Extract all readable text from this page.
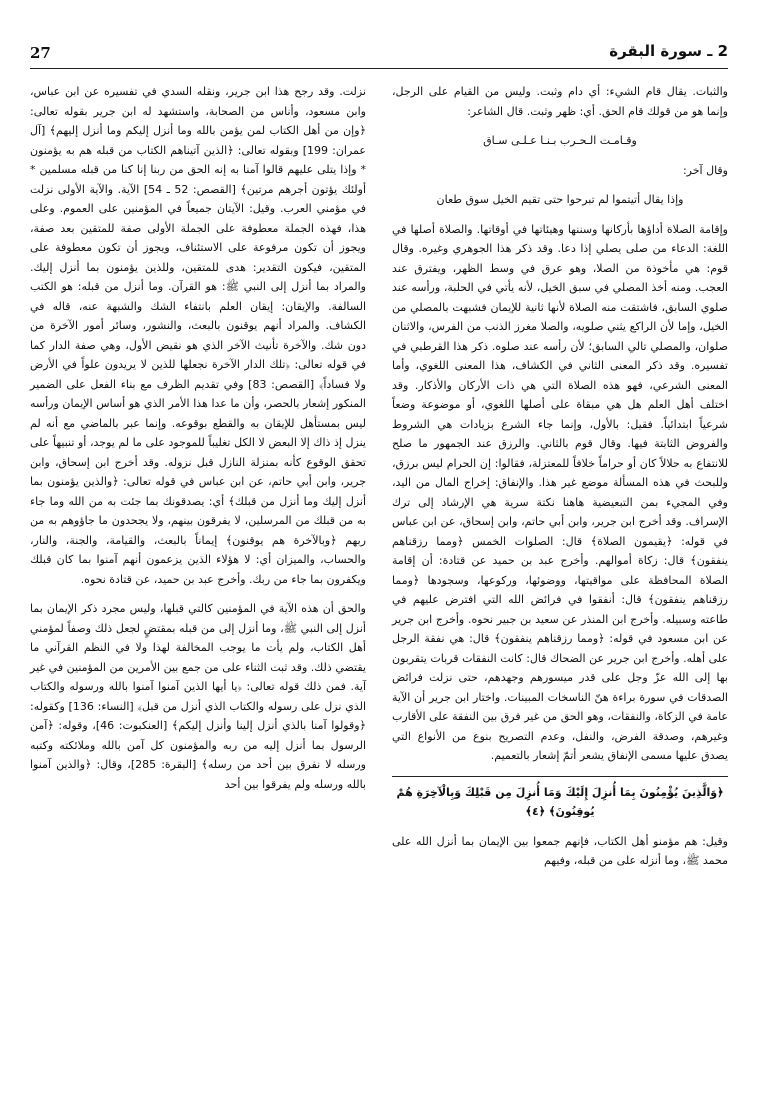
27	2 ـ سورة البقرة

والثبات. يقال قام الشيء: أي دام وثبت. وليس من القيام على الرجل، وإنما هو من قولك قام الحق. أي: ظهر وثبت. قال الشاعر:

وقـامـت الـحـرب بـنـا عـلـى سـاق

وقال آخر:

وإذا يقال أتيتموا لم تبرحوا حتى تقيم الخيل سوق طعان

وإقامة الصلاة أداؤها بأركانها وسننها وهيئاتها في أوقاتها. والصلاة أصلها في اللغة: الدعاء من صلى يصلي إذا دعا. وقد ذكر هذا الجوهري وغيره. وقال قوم: هي مأخوذة من الصلا، وهو عرق في وسط الظهر، ويفترق عند العجب. ومنه أخذ المصلي في سبق الخيل، لأنه يأتي في الحلبة، ورأسه عند صلوي السابق، فاشتقت منه الصلاة لأنها ثانية للإيمان فشبهت بالمصلي من الخيل، وإما لأن الراكع يثني صلويه، والصلا مغرز الذنب من الفرس، والاثنان صلوان، والمصلي تالي السابق؛ لأن رأسه عند صلوه. ذكر هذا القرطبي في تفسيره. وقد ذكر المعنى الثاني في الكشاف، هذا المعنى اللغوي، وأما المعنى الشرعي، فهو هذه الصلاة التي هي ذات الأركان والأذكار. وقد اختلف أهل العلم هل هي مبقاة على أصلها اللغوي، أو موضوعة وضعاً شرعياً ابتدائياً. فقيل: بالأول، وإنما جاء الشرع بزيادات هي الشروط والفروض الثابتة فيها. وقال قوم بالثاني. والرزق عند الجمهور ما صلح للانتفاع به حلالاً كان أو حراماً خلافاً للمعتزلة، فقالوا: إن الحرام ليس برزق، وللبحث في هذه المسألة موضع غير هذا. والإنفاق: إخراج المال من اليد، وفي المجيء بمن التبعيضية هاهنا نكتة سرية هي الإرشاد إلى ترك الإسراف. وقد أخرج ابن جرير، وابن أبي حاتم، وابن إسحاق، عن ابن عباس في قوله: ﴿يقيمون الصلاة﴾ قال: الصلوات الخمس ﴿ومما رزقناهم ينفقون﴾ قال: زكاة أموالهم. وأخرج عبد بن حميد عن قتادة: أن إقامة الصلاة المحافظة على مواقيتها، ووضوئها، وركوعها، وسجودها ﴿ومما رزقناهم ينفقون﴾ قال: أنفقوا في فرائض الله التي افترض عليهم في طاعته وسبيله. وأخرج ابن المنذر عن سعيد بن جبير نحوه. وأخرج ابن جرير عن ابن مسعود في قوله: ﴿ومما رزقناهم ينفقون﴾ قال: هي نفقة الرجل على أهله. وأخرج ابن جرير عن الضحاك قال: كانت النفقات قربات يتقربون بها إلى الله عزّ وجل على قدر ميسورهم وجهدهم، حتى نزلت فرائض الصدقات في سورة براءة هنّ الناسخات المبينات. واختار ابن جرير أن الآية عامة في الزكاة، والنفقات، وهو الحق من غير فرق بين النفقة على الأقارب وغيرهم، وصدقة الفرض، والنفل، وعدم التصريح بنوع من الأنواع التي يصدق عليها مسمى الإنفاق يشعر أتمّ إشعار بالتعميم.

﴿وَالَّذِينَ يُؤْمِنُونَ بِمَا أُنزِلَ إِلَيْكَ وَمَا أُنزِلَ مِن قَبْلِكَ وَبِالْآخِرَةِ هُمْ يُوقِنُونَ﴾ ﴿٤﴾

وقيل: هم مؤمنو أهل الكتاب، فإنهم جمعوا بين الإيمان بما أنزل الله على محمد ﷺ، وما أنزله على من قبله، وفيهم

نزلت. وقد رجح هذا ابن جرير، ونقله السدي في تفسيره عن ابن عباس، وابن مسعود، وأناس من الصحابة، واستشهد له ابن جرير بقوله تعالى: ﴿وإن من أهل الكتاب لمن يؤمن بالله وما أنزل إليكم وما أنزل إليهم﴾ [آل عمران: 199] وبقوله تعالى: ﴿الذين آتيناهم الكتاب من قبله هم به يؤمنون * وإذا يتلى عليهم قالوا آمنا به إنه الحق من ربنا إنا كنا من قبله مسلمين * أولئك يؤتون أجرهم مرتين﴾ [القصص: 52 ـ 54] الآية. والآية الأولى نزلت في مؤمني العرب. وقيل: الآيتان جميعاً في المؤمنين على العموم. وعلى هذا، فهذه الجملة معطوفة على الجملة الأولى صفة للمتقين بعد صفة، ويجوز أن تكون مرفوعة على الاستئناف، ويجوز أن تكون معطوفة على المتقين، فيكون التقدير: هدى للمتقين، وللذين يؤمنون بما أنزل إليك. والمراد بما أنزل إلى النبي ﷺ: هو القرآن. وما أنزل من قبله: هو الكتب السالفة. والإيقان: إيقان العلم بانتفاء الشك والشبهة عنه، قاله في الكشاف. والمراد أنهم يوقنون بالبعث، والنشور، وسائر أمور الآخرة من دون شك. والآخرة تأنيث الآخر الذي هو نقيض الأول، وهي صفة الدار كما في قوله تعالى: ﴿تلك الدار الآخرة نجعلها للذين لا يريدون علواً في الأرض ولا فساداً﴾ [القصص: 83] وفي تقديم الظرف مع بناء الفعل على الضمير المنكور إشعار بالحصر، وأن ما عدا هذا الأمر الذي هو أساس الإيمان ورأسه ليس بمستأهل للإيقان به والقطع بوقوعه. وإنما عبر بالماضي مع أنه لم ينزل إذ ذاك إلا البعض لا الكل تغليباً للموجود على ما لم يوجد، أو تنبيهاً على تحقق الوقوع كأنه بمنزلة النازل قبل نزوله. وقد أخرج ابن إسحاق، وابن جرير، وابن أبي حاتم، عن ابن عباس في قوله تعالى: ﴿والذين يؤمنون بما أنزل إليك وما أنزل من قبلك﴾ أي: يصدقونك بما جئت به من الله وما جاء به من قبلك من المرسلين، لا يفرقون بينهم، ولا يجحدون ما جاؤوهم به من ربهم ﴿وبالآخرة هم يوقنون﴾ إيماناً بالبعث، والقيامة، والجنة، والنار، والحساب، والميزان أي: لا هؤلاء الذين يزعمون أنهم آمنوا بما كان قبلك ويكفرون بما جاء من ربك. وأخرج عبد بن حميد، عن قتادة نحوه.

والحق أن هذه الآية في المؤمنين كالتي قبلها، وليس مجرد ذكر الإيمان بما أنزل إلى النبي ﷺ، وما أنزل إلى من قبله بمقتضٍ لجعل ذلك وصفاً لمؤمني أهل الكتاب، ولم يأت ما يوجب المخالفة لهذا ولا في النظم القرآني ما يقتضي ذلك. وقد ثبت الثناء على من جمع بين الأمرين من المؤمنين في غير آية. فمن ذلك قوله تعالى: ﴿يا أيها الذين آمنوا آمنوا بالله ورسوله والكتاب الذي نزل على رسوله والكتاب الذي أنزل من قبل﴾ [النساء: 136] وكقوله: ﴿وقولوا آمنا بالذي أنزل إلينا وأنزل إليكم﴾ [العنكبوت: 46]، وقوله: ﴿آمن الرسول بما أنزل إليه من ربه والمؤمنون كل آمن بالله وملائكته وكتبه ورسله لا نفرق بين أحد من رسله﴾ [البقرة: 285]، وقال: ﴿والذين آمنوا بالله ورسله ولم يفرقوا بين أحد
